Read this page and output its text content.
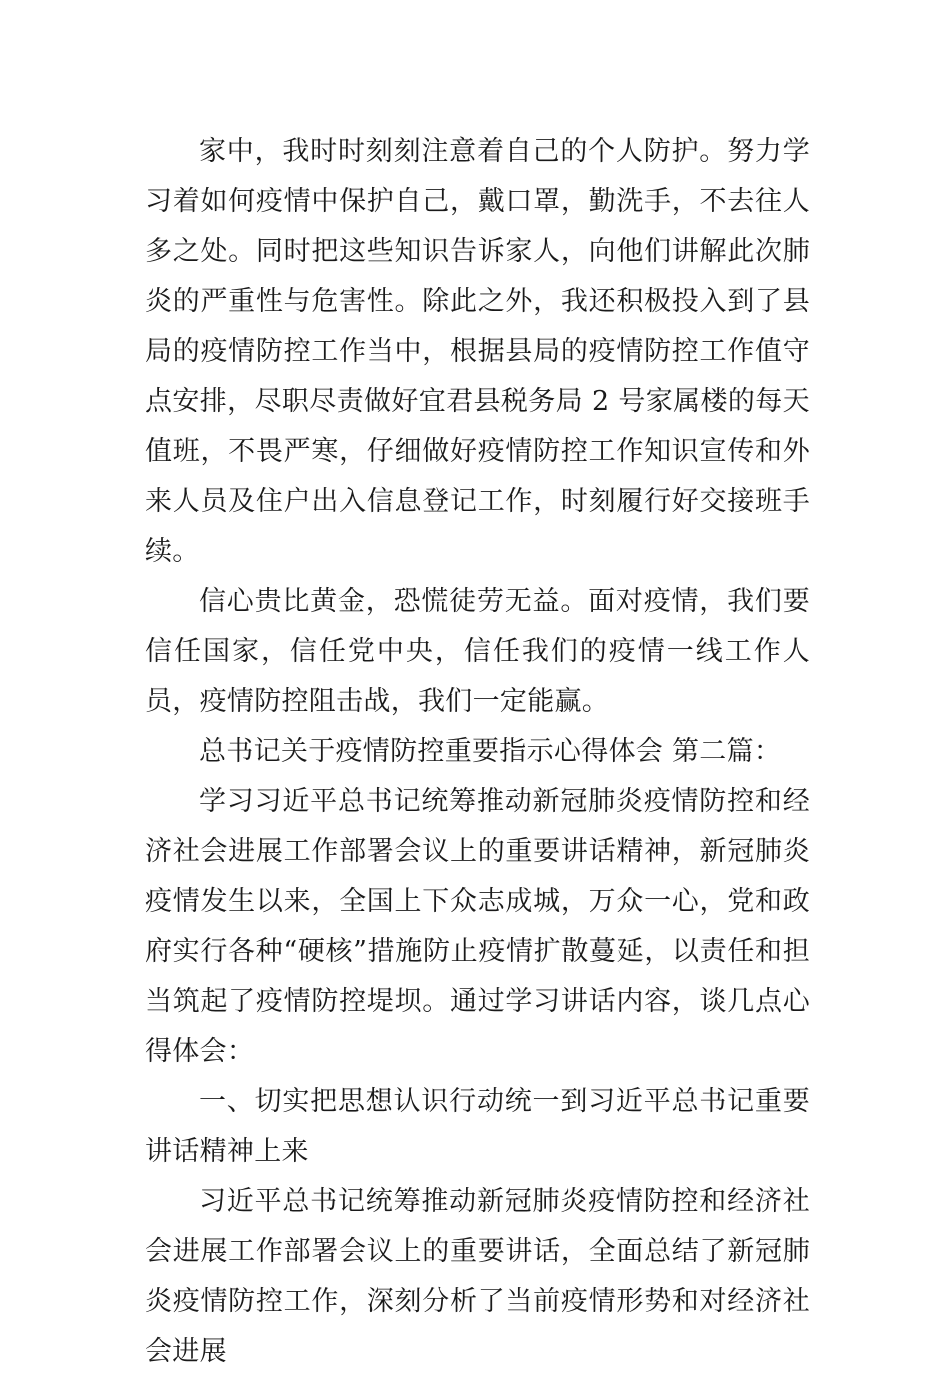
家中，我时时刻刻注意着自己的个人防护。努力学习着如何疫情中保护自己，戴口罩，勤洗手，不去往人多之处。同时把这些知识告诉家人，向他们讲解此次肺炎的严重性与危害性。除此之外，我还积极投入到了县局的疫情防控工作当中，根据县局的疫情防控工作值守点安排，尽职尽责做好宜君县税务局 2 号家属楼的每天值班，不畏严寒，仔细做好疫情防控工作知识宣传和外来人员及住户出入信息登记工作，时刻履行好交接班手续。

信心贵比黄金，恐慌徒劳无益。面对疫情，我们要信任国家，信任党中央，信任我们的疫情一线工作人员，疫情防控阻击战，我们一定能赢。

总书记关于疫情防控重要指示心得体会 第二篇：

学习习近平总书记统筹推动新冠肺炎疫情防控和经济社会进展工作部署会议上的重要讲话精神，新冠肺炎疫情发生以来，全国上下众志成城，万众一心，党和政府实行各种“硬核”措施防止疫情扩散蔓延，以责任和担当筑起了疫情防控堤坝。通过学习讲话内容，谈几点心得体会：

一、切实把思想认识行动统一到习近平总书记重要讲话精神上来

习近平总书记统筹推动新冠肺炎疫情防控和经济社会进展工作部署会议上的重要讲话，全面总结了新冠肺炎疫情防控工作，深刻分析了当前疫情形势和对经济社会进展
